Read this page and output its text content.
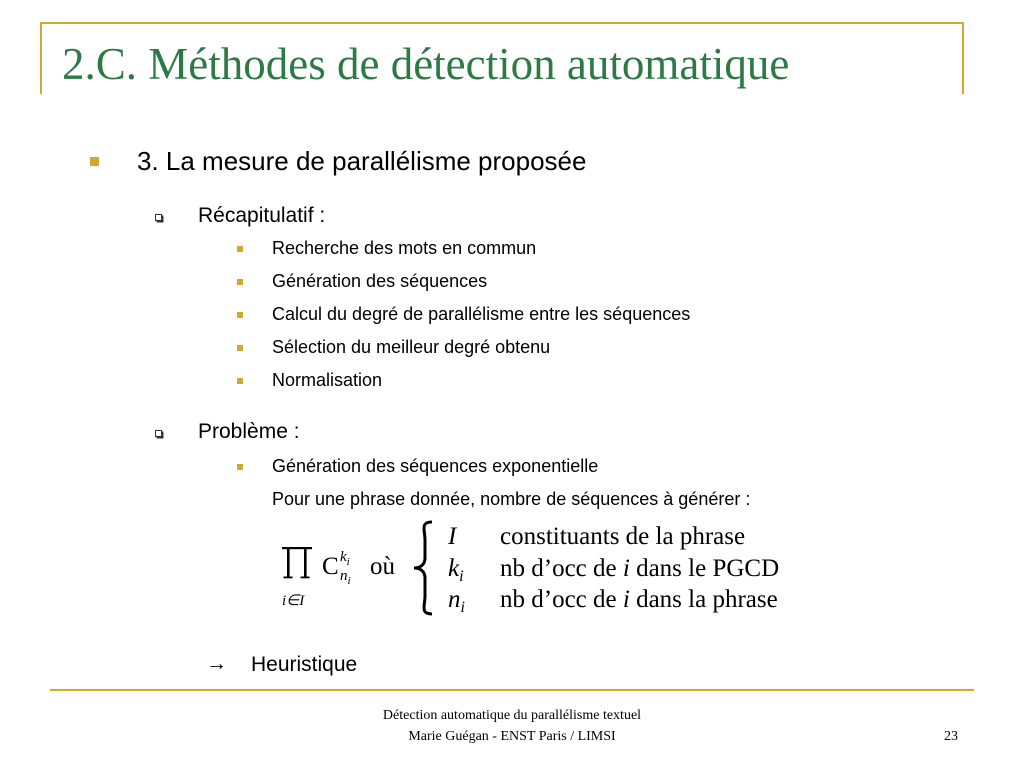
2.C. Méthodes de détection automatique
3. La mesure de parallélisme proposée
Récapitulatif :
Recherche des mots en commun
Génération des séquences
Calcul du degré de parallélisme entre les séquences
Sélection du meilleur degré obtenu
Normalisation
Problème :
Génération des séquences exponentielle
Pour une phrase donnée, nombre de séquences à générer :
i∈I
C $k_i$
$n_i$
où
I constituants de la phrase
$k_i$ nb d’occ de i dans le PGCD
$n_i$ nb d’occ de i dans la phrase
→ Heuristique
Détection automatique du parallélisme textuel
Marie Guégan - ENST Paris / LIMSI	23
